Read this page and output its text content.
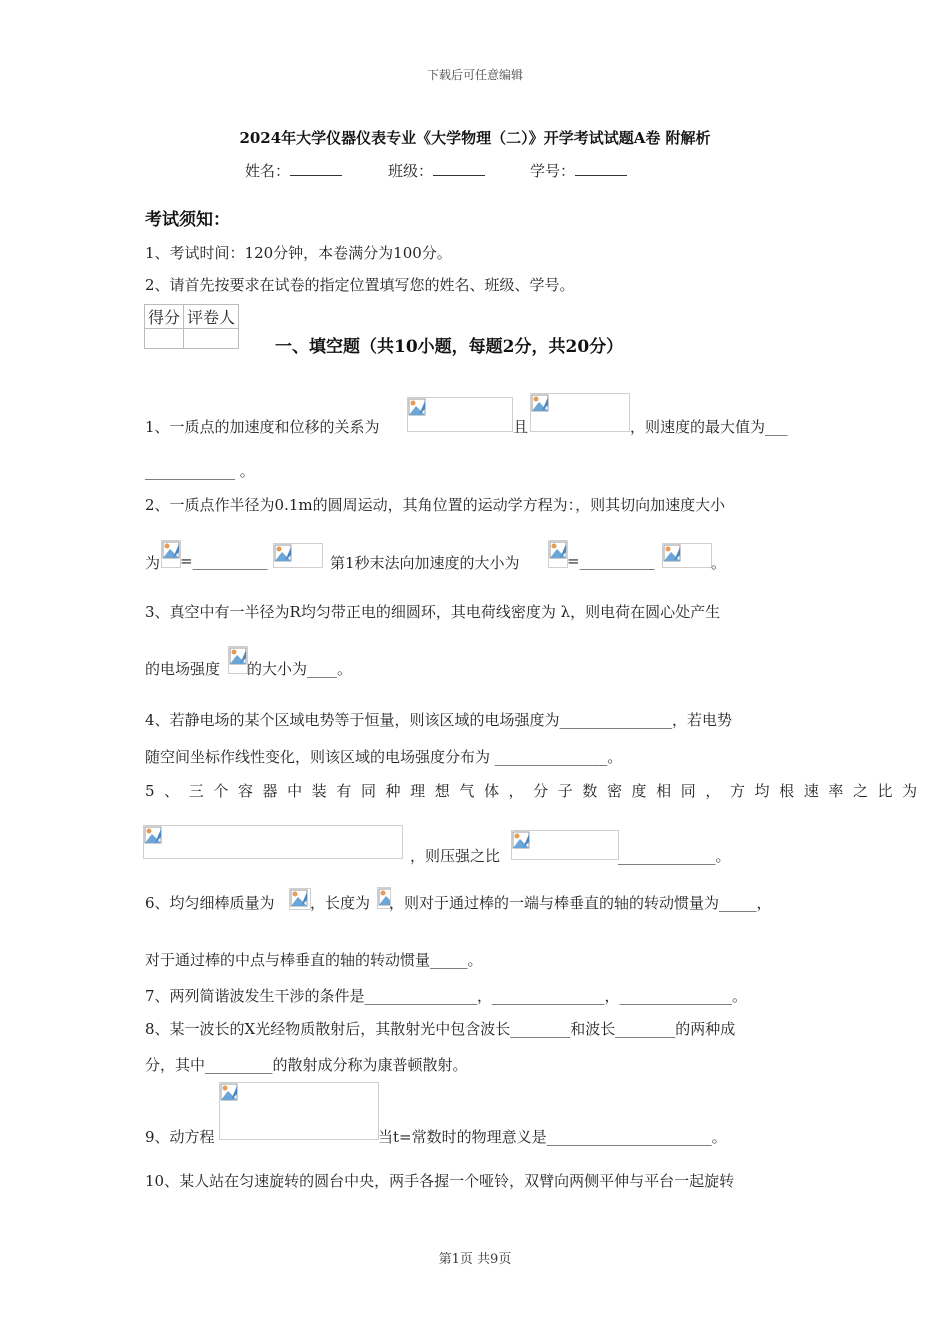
下载后可任意编辑
2024年大学仪器仪表专业《大学物理（二）》开学考试试题A卷 附解析
姓名：	班级：	学号：
考试须知：
1、考试时间：120分钟，本卷满分为100分。
2、请首先按要求在试卷的指定位置填写您的姓名、班级、学号。
得分	评卷人

一、填空题（共10小题，每题2分，共20分）
1、一质点的加速度和位移的关系为	且	，则速度的最大值为___
____________ 。
2、一质点作半径为0.1m的圆周运动，其角位置的运动学方程为：，则其切向加速度大小
为 =__________	第1秒末法向加速度的大小为	=__________	。
3、真空中有一半径为R均匀带正电的细圆环，其电荷线密度为 λ，则电荷在圆心处产生
的电场强度 的大小为____。
4、若静电场的某个区域电势等于恒量，则该区域的电场强度为_______________，若电势
随空间坐标作线性变化，则该区域的电场强度分布为 _______________。
5、三个容器中装有同种理想气体，分子数密度相同，方均根速率之比为
，则压强之比	_____________。
6、均匀细棒质量为 ，长度为 ，则对于通过棒的一端与棒垂直的轴的转动惯量为_____，
对于通过棒的中点与棒垂直的轴的转动惯量_____。
7、两列简谐波发生干涉的条件是_______________，_______________，_______________。
8、某一波长的X光经物质散射后，其散射光中包含波长________和波长________的两种成
分，其中_________的散射成分称为康普顿散射。
9、动方程	当t=常数时的物理意义是______________________。
10、某人站在匀速旋转的圆台中央，两手各握一个哑铃，双臂向两侧平伸与平台一起旋转
第1页 共9页
